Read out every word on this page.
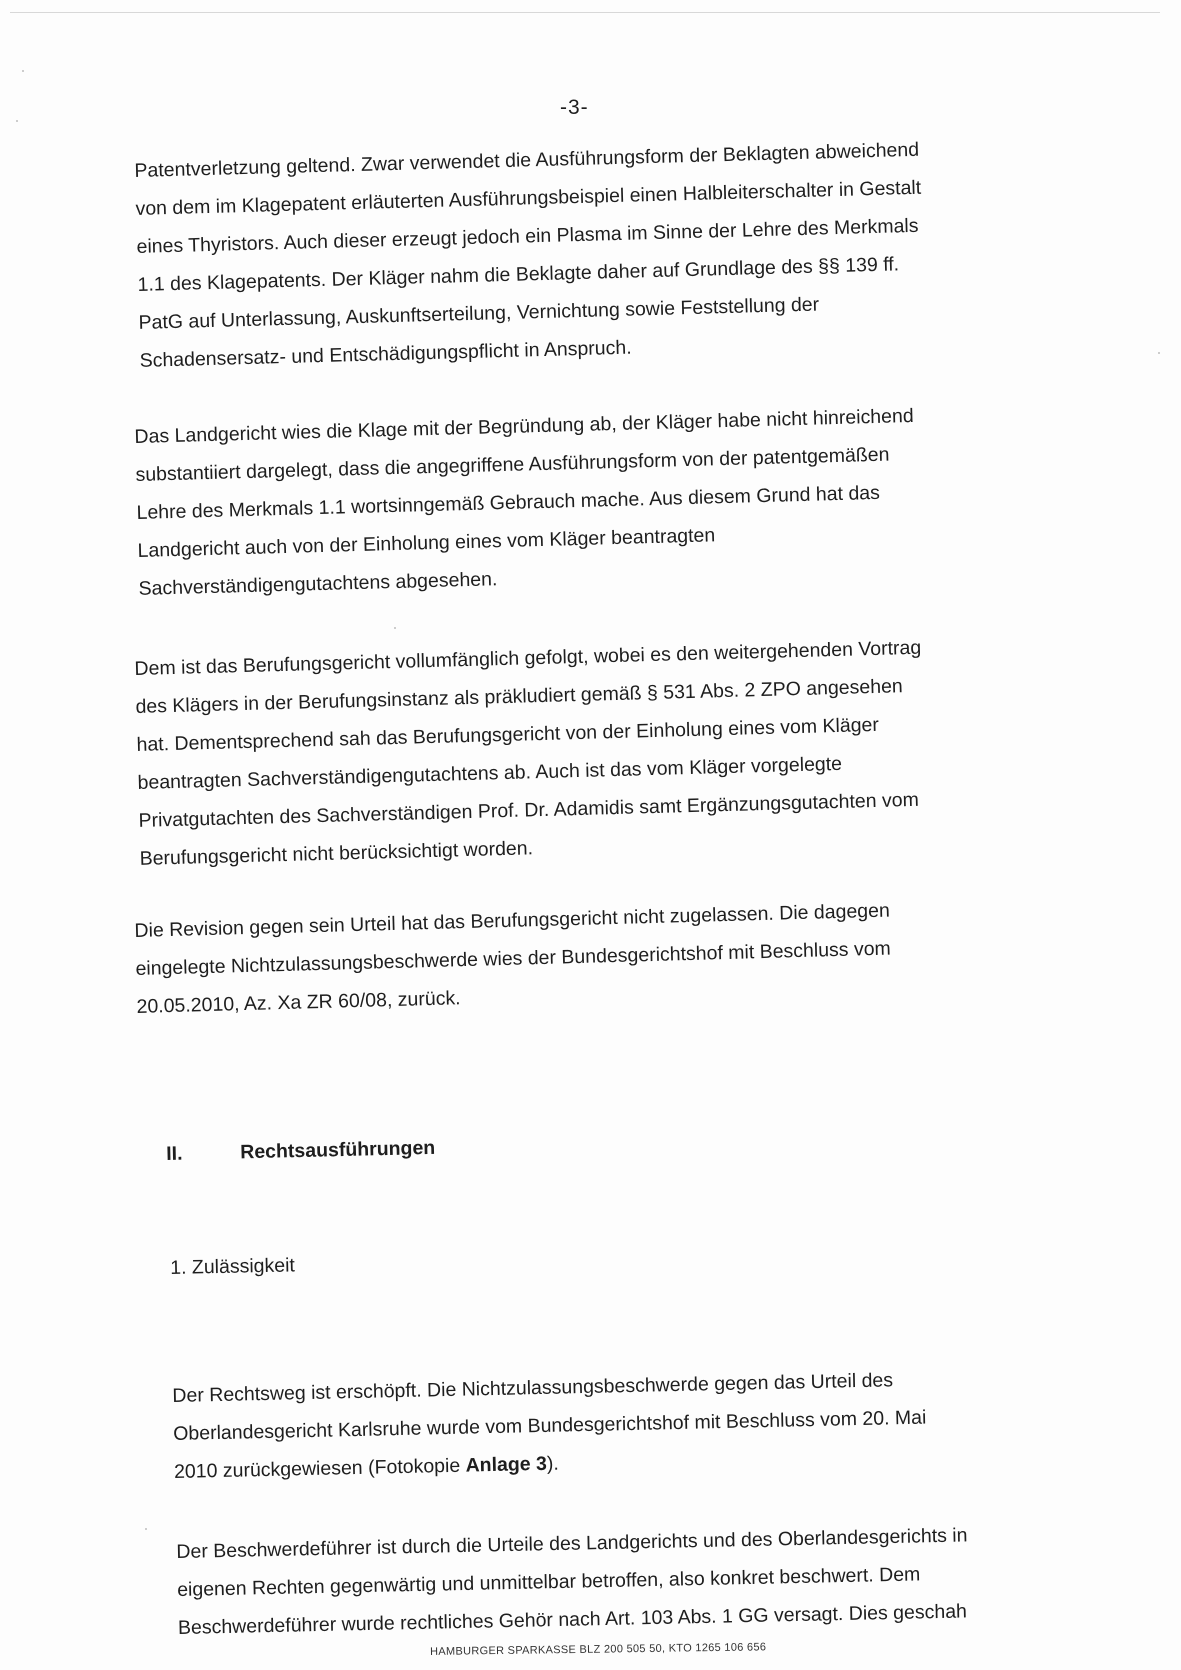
-3-

Patentverletzung geltend. Zwar verwendet die Ausführungsform der Beklagten abweichend
von dem im Klagepatent erläuterten Ausführungsbeispiel einen Halbleiterschalter in Gestalt
eines Thyristors. Auch dieser erzeugt jedoch ein Plasma im Sinne der Lehre des Merkmals
1.1 des Klagepatents. Der Kläger nahm die Beklagte daher auf Grundlage des §§ 139 ff.
PatG auf Unterlassung, Auskunftserteilung, Vernichtung sowie Feststellung der
Schadensersatz- und Entschädigungspflicht in Anspruch.

Das Landgericht wies die Klage mit der Begründung ab, der Kläger habe nicht hinreichend
substantiiert dargelegt, dass die angegriffene Ausführungsform von der patentgemäßen
Lehre des Merkmals 1.1 wortsinngemäß Gebrauch mache. Aus diesem Grund hat das
Landgericht auch von der Einholung eines vom Kläger beantragten
Sachverständigengutachtens abgesehen.

Dem ist das Berufungsgericht vollumfänglich gefolgt, wobei es den weitergehenden Vortrag
des Klägers in der Berufungsinstanz als präkludiert gemäß § 531 Abs. 2 ZPO angesehen
hat. Dementsprechend sah das Berufungsgericht von der Einholung eines vom Kläger
beantragten Sachverständigengutachtens ab. Auch ist das vom Kläger vorgelegte
Privatgutachten des Sachverständigen Prof. Dr. Adamidis samt Ergänzungsgutachten vom
Berufungsgericht nicht berücksichtigt worden.

Die Revision gegen sein Urteil hat das Berufungsgericht nicht zugelassen. Die dagegen
eingelegte Nichtzulassungsbeschwerde wies der Bundesgerichtshof mit Beschluss vom
20.05.2010, Az. Xa ZR 60/08, zurück.

II.	Rechtsausführungen
1. Zulässigkeit

Der Rechtsweg ist erschöpft. Die Nichtzulassungsbeschwerde gegen das Urteil des
Oberlandesgericht Karlsruhe wurde vom Bundesgerichtshof mit Beschluss vom 20. Mai
2010 zurückgewiesen (Fotokopie Anlage 3).

Der Beschwerdeführer ist durch die Urteile des Landgerichts und des Oberlandesgerichts in
eigenen Rechten gegenwärtig und unmittelbar betroffen, also konkret beschwert. Dem
Beschwerdeführer wurde rechtliches Gehör nach Art. 103 Abs. 1 GG versagt. Dies geschah

HAMBURGER SPARKASSE BLZ 200 505 50, KTO 1265 106 656
